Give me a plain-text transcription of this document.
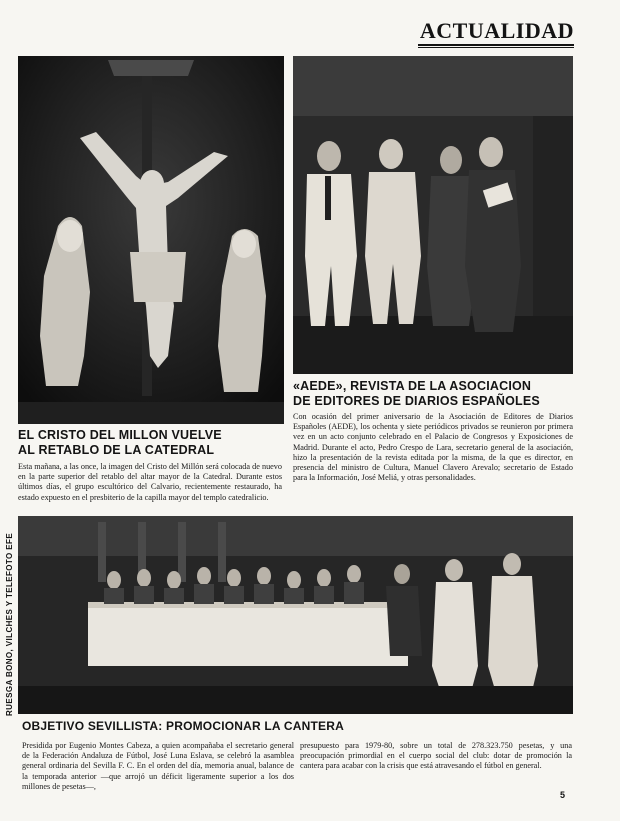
ACTUALIDAD
EL CRISTO DEL MILLON VUELVE
AL RETABLO DE LA CATEDRAL
Esta mañana, a las once, la imagen del Cristo del Millón será colocada de nuevo en la parte superior del retablo del altar mayor de la Catedral. Durante estos últimos días, el grupo escultórico del Calvario, recientemente restaurado, ha estado expuesto en el presbiterio de la capilla mayor del templo catedralicio.
«AEDE», REVISTA DE LA ASOCIACION
DE EDITORES DE DIARIOS ESPAÑOLES
Con ocasión del primer aniversario de la Asociación de Editores de Diarios Españoles (AEDE), los ochenta y siete periódicos privados se reunieron por primera vez en un acto conjunto celebrado en el Palacio de Congresos y Exposiciones de Madrid. Durante el acto, Pedro Crespo de Lara, secretario general de la asociación, hizo la presentación de la revista editada por la misma, de la que es director, en presencia del ministro de Cultura, Manuel Clavero Arevalo; secretario de Estado para la Información, José Meliá, y otras personalidades.
RUESGA BONO, VILCHES Y TELEFOTO EFE
OBJETIVO SEVILLISTA: PROMOCIONAR LA CANTERA
Presidida por Eugenio Montes Cabeza, a quien acompañaba el secretario general de la Federación Andaluza de Fútbol, José Luna Eslava, se celebró la asamblea general ordinaria del Sevilla F. C. En el orden del día, memoria anual, balance de la temporada anterior —que arrojó un déficit ligeramente superior a los dos millones de pesetas—,
presupuesto para 1979-80, sobre un total de 278.323.750 pesetas, y una preocupación primordial en el cuerpo social del club: dotar de promoción la cantera para acabar con la crisis que está atravesando el fútbol en general.
5
